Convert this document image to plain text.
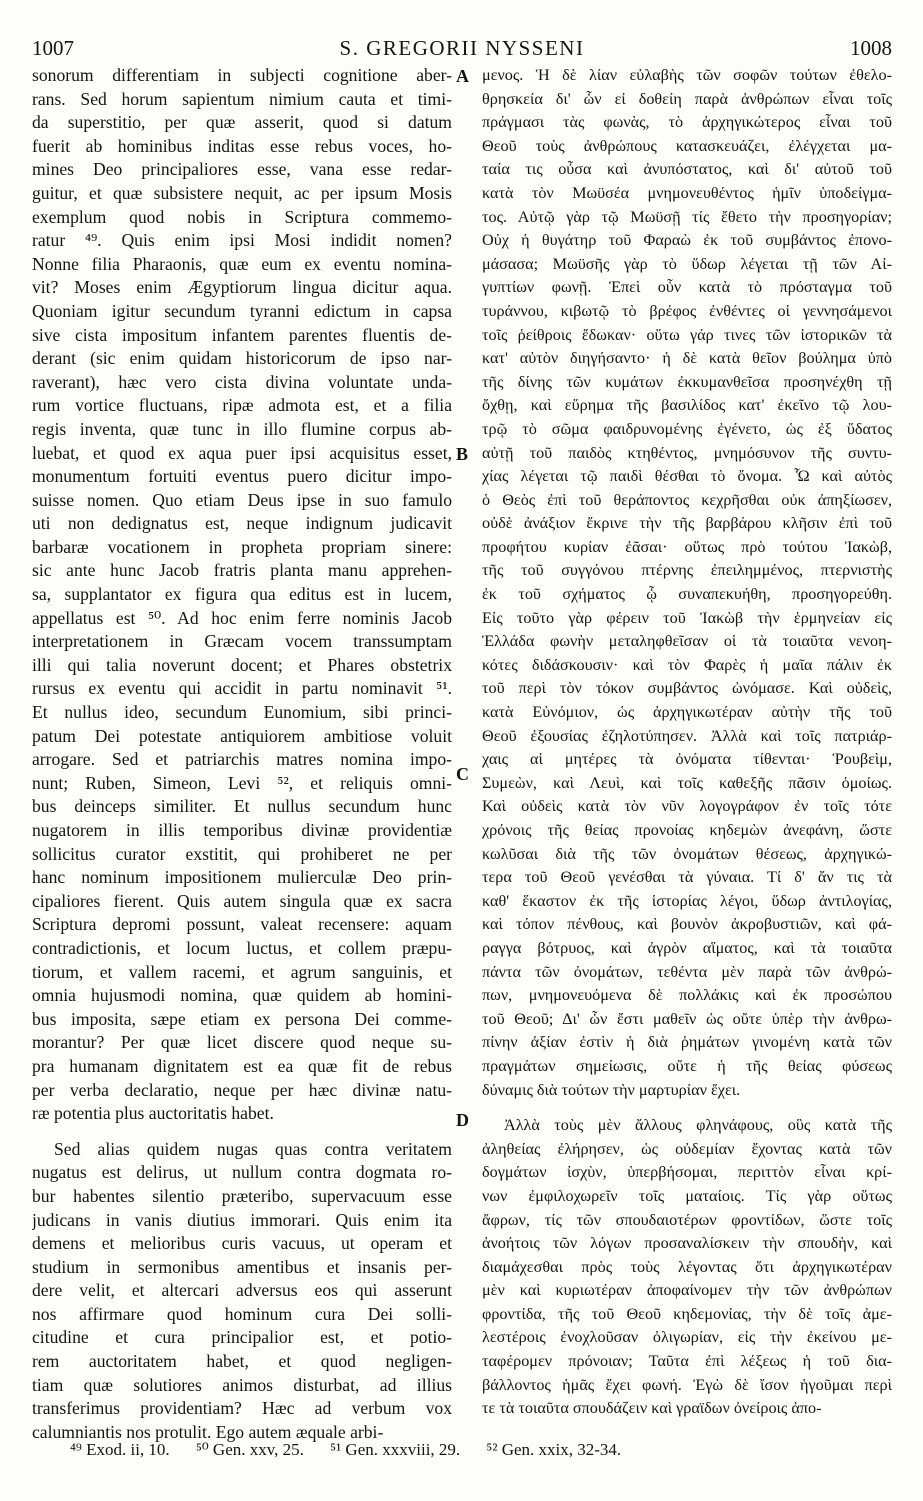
1007	S. GREGORII NYSSENI	1008
sonorum differentiam in subjecti cognitione aber-
rans. Sed horum sapientum nimium cauta et timi-
da superstitio, per quæ asserit, quod si datum
fuerit ab hominibus inditas esse rebus voces, ho-
mines Deo principaliores esse, vana esse redar-
guitur, et quæ subsistere nequit, ac per ipsum Mosis
exemplum quod nobis in Scriptura commemo-
ratur ⁴⁹. Quis enim ipsi Mosi indidit nomen?
Nonne filia Pharaonis, quæ eum ex eventu nomina-
vit? Moses enim Ægyptiorum lingua dicitur aqua.
Quoniam igitur secundum tyranni edictum in capsa
sive cista impositum infantem parentes fluentis de-
derant (sic enim quidam historicorum de ipso nar-
raverant), hæc vero cista divina voluntate unda-
rum vortice fluctuans, ripæ admota est, et a filia
regis inventa, quæ tunc in illo flumine corpus ab-
luebat, et quod ex aqua puer ipsi acquisitus esset,
monumentum fortuiti eventus puero dicitur impo-
suisse nomen. Quo etiam Deus ipse in suo famulo
uti non dedignatus est, neque indignum judicavit
barbaræ vocationem in propheta propriam sinere:
sic ante hunc Jacob fratris planta manu apprehen-
sa, supplantator ex figura qua editus est in lucem,
appellatus est ⁵⁰. Ad hoc enim ferre nominis Jacob
interpretationem in Græcam vocem transsumptam
illi qui talia noverunt docent; et Phares obstetrix
rursus ex eventu qui accidit in partu nominavit ⁵¹.
Et nullus ideo, secundum Eunomium, sibi princi-
patum Dei potestate antiquiorem ambitiose voluit
arrogare. Sed et patriarchis matres nomina impo-
nunt; Ruben, Simeon, Levi ⁵², et reliquis omni-
bus deinceps similiter. Et nullus secundum hunc
nugatorem in illis temporibus divinæ providentiæ
sollicitus curator exstitit, qui prohiberet ne per
hanc nominum impositionem mulierculæ Deo prin-
cipaliores fierent. Quis autem singula quæ ex sacra
Scriptura depromi possunt, valeat recensere: aquam
contradictionis, et locum luctus, et collem præpu-
tiorum, et vallem racemi, et agrum sanguinis, et
omnia hujusmodi nomina, quæ quidem ab homini-
bus imposita, sæpe etiam ex persona Dei comme-
morantur? Per quæ licet discere quod neque su-
pra humanam dignitatem est ea quæ fit de rebus
per verba declaratio, neque per hæc divinæ natu-
ræ potentia plus auctoritatis habet.
Sed alias quidem nugas quas contra veritatem
nugatus est delirus, ut nullum contra dogmata ro-
bur habentes silentio præteribo, supervacuum esse
judicans in vanis diutius immorari. Quis enim ita
demens et melioribus curis vacuus, ut operam et
studium in sermonibus amentibus et insanis per-
dere velit, et altercari adversus eos qui asserunt
nos affirmare quod hominum cura Dei solli-
citudine et cura principalior est, et potio-
rem auctoritatem habet, et quod negligen-
tiam quæ solutiores animos disturbat, ad illius
transferimus providentiam? Hæc ad verbum vox
calumniantis nos protulit. Ego autem æquale arbi-
μενος. Ἡ δὲ λίαν εὐλαβὴς τῶν σοφῶν τούτων ἐθελο-
θρησκεία δι' ὧν εἰ δοθείη παρὰ ἀνθρώπων εἶναι τοῖς
πράγμασι τὰς φωνὰς, τὸ ἀρχηγικώτερος εἶναι τοῦ
Θεοῦ τοὺς ἀνθρώπους κατασκευάζει, ἐλέγχεται μα-
ταία τις οὖσα καὶ ἀνυπόστατος, καὶ δι' αὐτοῦ τοῦ
κατὰ τὸν Μωϋσέα μνημονευθέντος ἡμῖν ὑποδείγμα-
τος. Αὐτῷ γὰρ τῷ Μωϋσῇ τίς ἔθετο τὴν προσηγορίαν;
Οὐχ ἡ θυγάτηρ τοῦ Φαραὼ ἐκ τοῦ συμβάντος ἐπονο-
μάσασα; Μωϋσῆς γὰρ τὸ ὕδωρ λέγεται τῇ τῶν Αἰ-
γυπτίων φωνῇ. Ἐπεὶ οὖν κατὰ τὸ πρόσταγμα τοῦ
τυράννου, κιβωτῷ τὸ βρέφος ἐνθέντες οἱ γεννησάμενοι
τοῖς ῥείθροις ἔδωκαν· οὕτω γάρ τινες τῶν ἱστορικῶν τὰ
κατ' αὐτὸν διηγήσαντο· ἡ δὲ κατὰ θεῖον βούλημα ὑπὸ
τῆς δίνης τῶν κυμάτων ἐκκυμανθεῖσα προσηνέχθη τῇ
ὄχθῃ, καὶ εὕρημα τῆς βασιλίδος κατ' ἐκεῖνο τῷ λου-
τρῷ τὸ σῶμα φαιδρυνομένης ἐγένετο, ὡς ἐξ ὕδατος
αὐτῇ τοῦ παιδὸς κτηθέντος, μνημόσυνον τῆς συντυ-
χίας λέγεται τῷ παιδὶ θέσθαι τὸ ὄνομα. Ὧ καὶ αὐτὸς
ὁ Θεὸς ἐπὶ τοῦ θεράποντος κεχρῆσθαι οὐκ ἀπηξίωσεν,
οὐδὲ ἀνάξιον ἔκρινε τὴν τῆς βαρβάρου κλῆσιν ἐπὶ τοῦ
προφήτου κυρίαν ἐᾶσαι· οὕτως πρὸ τούτου Ἰακὼβ,
τῆς τοῦ συγγόνου πτέρνης ἐπειλημμένος, πτερνιστὴς
ἐκ τοῦ σχήματος ᾧ συναπεκυήθη, προσηγορεύθη.
Εἰς τοῦτο γὰρ φέρειν τοῦ Ἰακὼβ τὴν ἑρμηνείαν εἰς
Ἑλλάδα φωνὴν μεταληφθεῖσαν οἱ τὰ τοιαῦτα νενοη-
κότες διδάσκουσιν· καὶ τὸν Φαρὲς ἡ μαῖα πάλιν ἐκ
τοῦ περὶ τὸν τόκον συμβάντος ὠνόμασε. Καὶ οὐδεὶς,
κατὰ Εὐνόμιον, ὡς ἀρχηγικωτέραν αὐτὴν τῆς τοῦ
Θεοῦ ἐξουσίας ἐζηλοτύπησεν. Ἀλλὰ καὶ τοῖς πατριάρ-
χαις αἱ μητέρες τὰ ὀνόματα τίθενται· Ῥουβεὶμ,
Συμεὼν, καὶ Λευὶ, καὶ τοῖς καθεξῆς πᾶσιν ὁμοίως.
Καὶ οὐδεὶς κατὰ τὸν νῦν λογογράφον ἐν τοῖς τότε
χρόνοις τῆς θείας προνοίας κηδεμὼν ἀνεφάνη, ὥστε
κωλῦσαι διὰ τῆς τῶν ὀνομάτων θέσεως, ἀρχηγικώ-
τερα τοῦ Θεοῦ γενέσθαι τὰ γύναια. Τί δ' ἄν τις τὰ
καθ' ἕκαστον ἐκ τῆς ἱστορίας λέγοι, ὕδωρ ἀντιλογίας,
καὶ τόπον πένθους, καὶ βουνὸν ἀκροβυστιῶν, καὶ φά-
ραγγα βότρυος, καὶ ἀγρὸν αἵματος, καὶ τὰ τοιαῦτα
πάντα τῶν ὀνομάτων, τεθέντα μὲν παρὰ τῶν ἀνθρώ-
πων, μνημονευόμενα δὲ πολλάκις καὶ ἐκ προσώπου
τοῦ Θεοῦ; Δι' ὧν ἔστι μαθεῖν ὡς οὔτε ὑπὲρ τὴν ἀνθρω-
πίνην ἀξίαν ἐστὶν ἡ διὰ ῥημάτων γινομένη κατὰ τῶν
πραγμάτων σημείωσις, οὔτε ἡ τῆς θείας φύσεως
δύναμις διὰ τούτων τὴν μαρτυρίαν ἔχει.
Ἀλλὰ τοὺς μὲν ἄλλους φληνάφους, οὓς κατὰ τῆς
ἀληθείας ἐλήρησεν, ὡς οὐδεμίαν ἔχοντας κατὰ τῶν
δογμάτων ἰσχὺν, ὑπερβήσομαι, περιττὸν εἶναι κρί-
νων ἐμφιλοχωρεῖν τοῖς ματαίοις. Τίς γὰρ οὕτως
ἄφρων, τίς τῶν σπουδαιοτέρων φροντίδων, ὥστε τοῖς
ἀνοήτοις τῶν λόγων προσαναλίσκειν τὴν σπουδὴν, καὶ
διαμάχεσθαι πρὸς τοὺς λέγοντας ὅτι ἀρχηγικωτέραν
μὲν καὶ κυριωτέραν ἀποφαίνομεν τὴν τῶν ἀνθρώπων
φροντίδα, τῆς τοῦ Θεοῦ κηδεμονίας, τὴν δὲ τοῖς ἀμε-
λεστέροις ἐνοχλοῦσαν ὀλιγωρίαν, εἰς τὴν ἐκείνου με-
ταφέρομεν πρόνοιαν; Ταῦτα ἐπὶ λέξεως ἡ τοῦ δια-
βάλλοντος ἡμᾶς ἔχει φωνή. Ἐγὼ δὲ ἴσον ἡγοῦμαι περὶ
τε τὰ τοιαῦτα σπουδάζειν καὶ γραϊδων ὀνείροις ἀπο-
A
B
C
D
⁴⁹ Exod. ii, 10. ⁵⁰ Gen. xxv, 25. ⁵¹ Gen. xxxviii, 29. ⁵² Gen. xxix, 32-34.
